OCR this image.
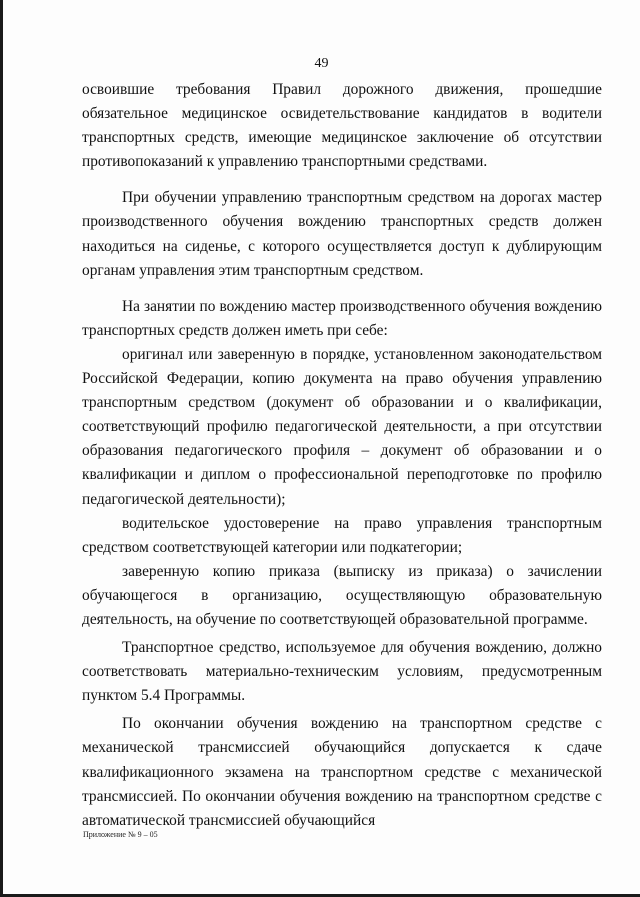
49

освоившие требования Правил дорожного движения, прошедшие обязательное медицинское освидетельствование кандидатов в водители транспортных средств, имеющие медицинское заключение об отсутствии противопоказаний к управлению транспортными средствами.

При обучении управлению транспортным средством на дорогах мастер производственного обучения вождению транспортных средств должен находиться на сиденье, с которого осуществляется доступ к дублирующим органам управления этим транспортным средством.

На занятии по вождению мастер производственного обучения вождению транспортных средств должен иметь при себе:

оригинал или заверенную в порядке, установленном законодательством Российской Федерации, копию документа на право обучения управлению транспортным средством (документ об образовании и о квалификации, соответствующий профилю педагогической деятельности, а при отсутствии образования педагогического профиля – документ об образовании и о квалификации и диплом о профессиональной переподготовке по профилю педагогической деятельности);

водительское удостоверение на право управления транспортным средством соответствующей категории или подкатегории;

заверенную копию приказа (выписку из приказа) о зачислении обучающегося в организацию, осуществляющую образовательную деятельность, на обучение по соответствующей образовательной программе.

Транспортное средство, используемое для обучения вождению, должно соответствовать материально-техническим условиям, предусмотренным пунктом 5.4 Программы.

По окончании обучения вождению на транспортном средстве с механической трансмиссией обучающийся допускается к сдаче квалификационного экзамена на транспортном средстве с механической трансмиссией. По окончании обучения вождению на транспортном средстве с автоматической трансмиссией обучающийся

Приложение № 9 – 05
